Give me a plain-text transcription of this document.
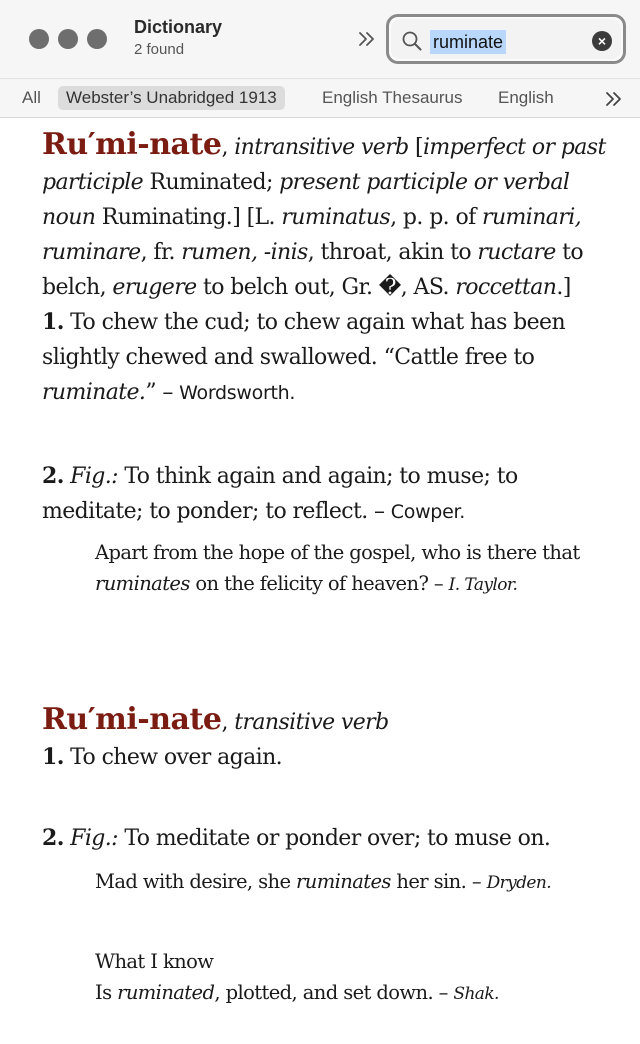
Dictionary
2 found	ruminate	×
All	Webster’s Unabridged 1913	English Thesaurus	English
Ru′mi-nate, intransitive verb [imperfect or past participle Ruminated; present participle or verbal noun Ruminating.] [L. ruminatus, p. p. of ruminari, ruminare, fr. rumen, -inis, throat, akin to ructare to belch, erugere to belch out, Gr. �, AS. roccettan.]
1. To chew the cud; to chew again what has been slightly chewed and swallowed. “Cattle free to ruminate.” – Wordsworth.
2. Fig.: To think again and again; to muse; to meditate; to ponder; to reflect. – Cowper.
Apart from the hope of the gospel, who is there that ruminates on the felicity of heaven? – I. Taylor.
Ru′mi-nate, transitive verb
1. To chew over again.
2. Fig.: To meditate or ponder over; to muse on.
Mad with desire, she ruminates her sin. – Dryden.
What I know
Is ruminated, plotted, and set down. – Shak.
